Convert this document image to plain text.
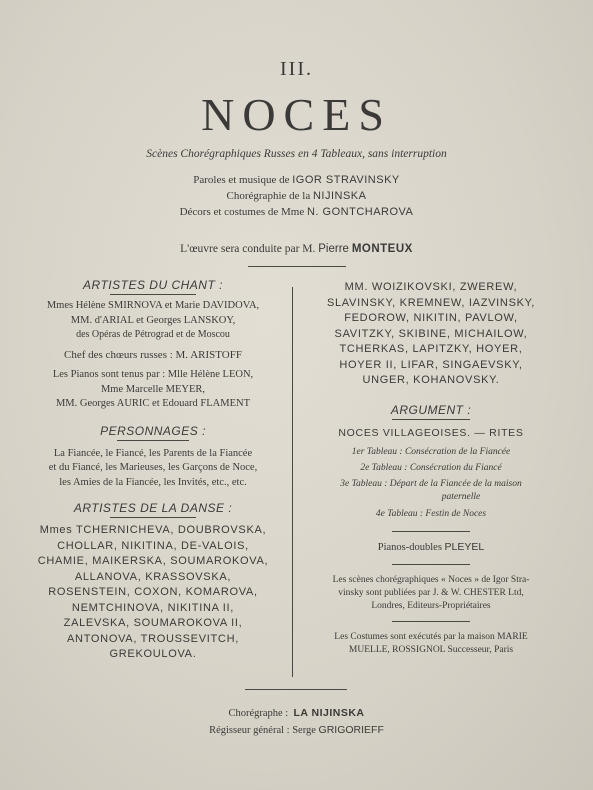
III.
NOCES
Scènes Chorégraphiques Russes en 4 Tableaux, sans interruption
Paroles et musique de IGOR STRAVINSKY
Chorégraphie de la NIJINSKA
Décors et costumes de Mme N. GONTCHAROVA
L'œuvre sera conduite par M. Pierre MONTEUX
ARTISTES DU CHANT :
Mmes Hélène SMIRNOVA et Marie DAVIDOVA,
MM. d'ARIAL et Georges LANSKOY,
des Opéras de Pétrograd et de Moscou
Chef des chœurs russes : M. ARISTOFF
Les Pianos sont tenus par : Mlle Hélène LEON,
Mme Marcelle MEYER,
MM. Georges AURIC et Edouard FLAMENT
PERSONNAGES :
La Fiancée, le Fiancé, les Parents de la Fiancée
et du Fiancé, les Marieuses, les Garçons de Noce,
les Amies de la Fiancée, les Invités, etc., etc.
ARTISTES DE LA DANSE :
Mmes TCHERNICHEVA, DOUBROVSKA,
CHOLLAR, NIKITINA, DE-VALOIS,
CHAMIE, MAIKERSKA, SOUMAROKOVA,
ALLANOVA, KRASSOVSKA,
ROSENSTEIN, COXON, KOMAROVA,
NEMTCHINOVA, NIKITINA II,
ZALEVSKA, SOUMAROKOVA II,
ANTONOVA, TROUSSEVITCH,
GREKOULOVA.
MM. WOIZIKOVSKI, ZWEREW,
SLAVINSKY, KREMNEW, IAZVINSKY,
FEDOROW, NIKITIN, PAVLOW,
SAVITZKY, SKIBINE, MICHAILOW,
TCHERKAS, LAPITZKY, HOYER,
HOYER II, LIFAR, SINGAEVSKY,
UNGER, KOHANOVSKY.
ARGUMENT :
NOCES VILLAGEOISES. — RITES
1er Tableau : Consécration de la Fiancée
2e Tableau : Consécration du Fiancé
3e Tableau : Départ de la Fiancée de la maison
paternelle
4e Tableau : Festin de Noces
Pianos-doubles PLEYEL
Les scènes chorégraphiques « Noces » de Igor Stra-
vinsky sont publiées par J. & W. CHESTER Ltd,
Londres, Editeurs-Propriétaires
Les Costumes sont exécutés par la maison MARIE
MUELLE, ROSSIGNOL Successeur, Paris
Chorégraphe : LA NIJINSKA
Régisseur général : Serge GRIGORIEFF
